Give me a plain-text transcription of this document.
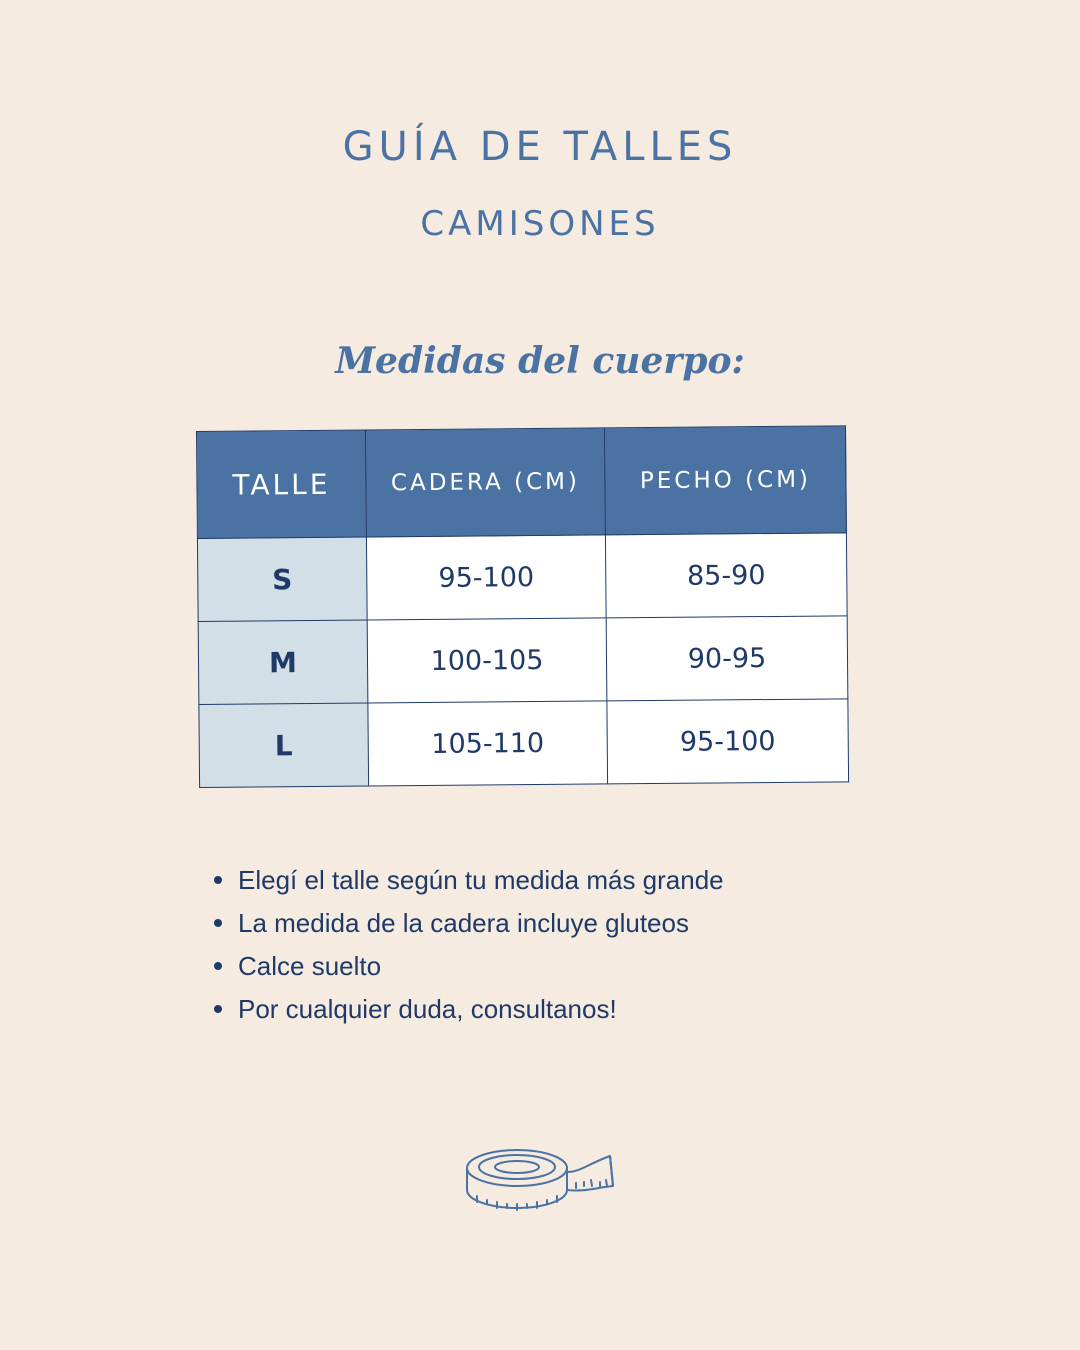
GUÍA DE TALLES
CAMISONES
Medidas del cuerpo:
TALLE	CADERA (CM)	PECHO (CM)
S	95-100	85-90
M	100-105	90-95
L	105-110	95-100
Elegí el talle según tu medida más grande
La medida de la cadera incluye gluteos
Calce suelto
Por cualquier duda, consultanos!
